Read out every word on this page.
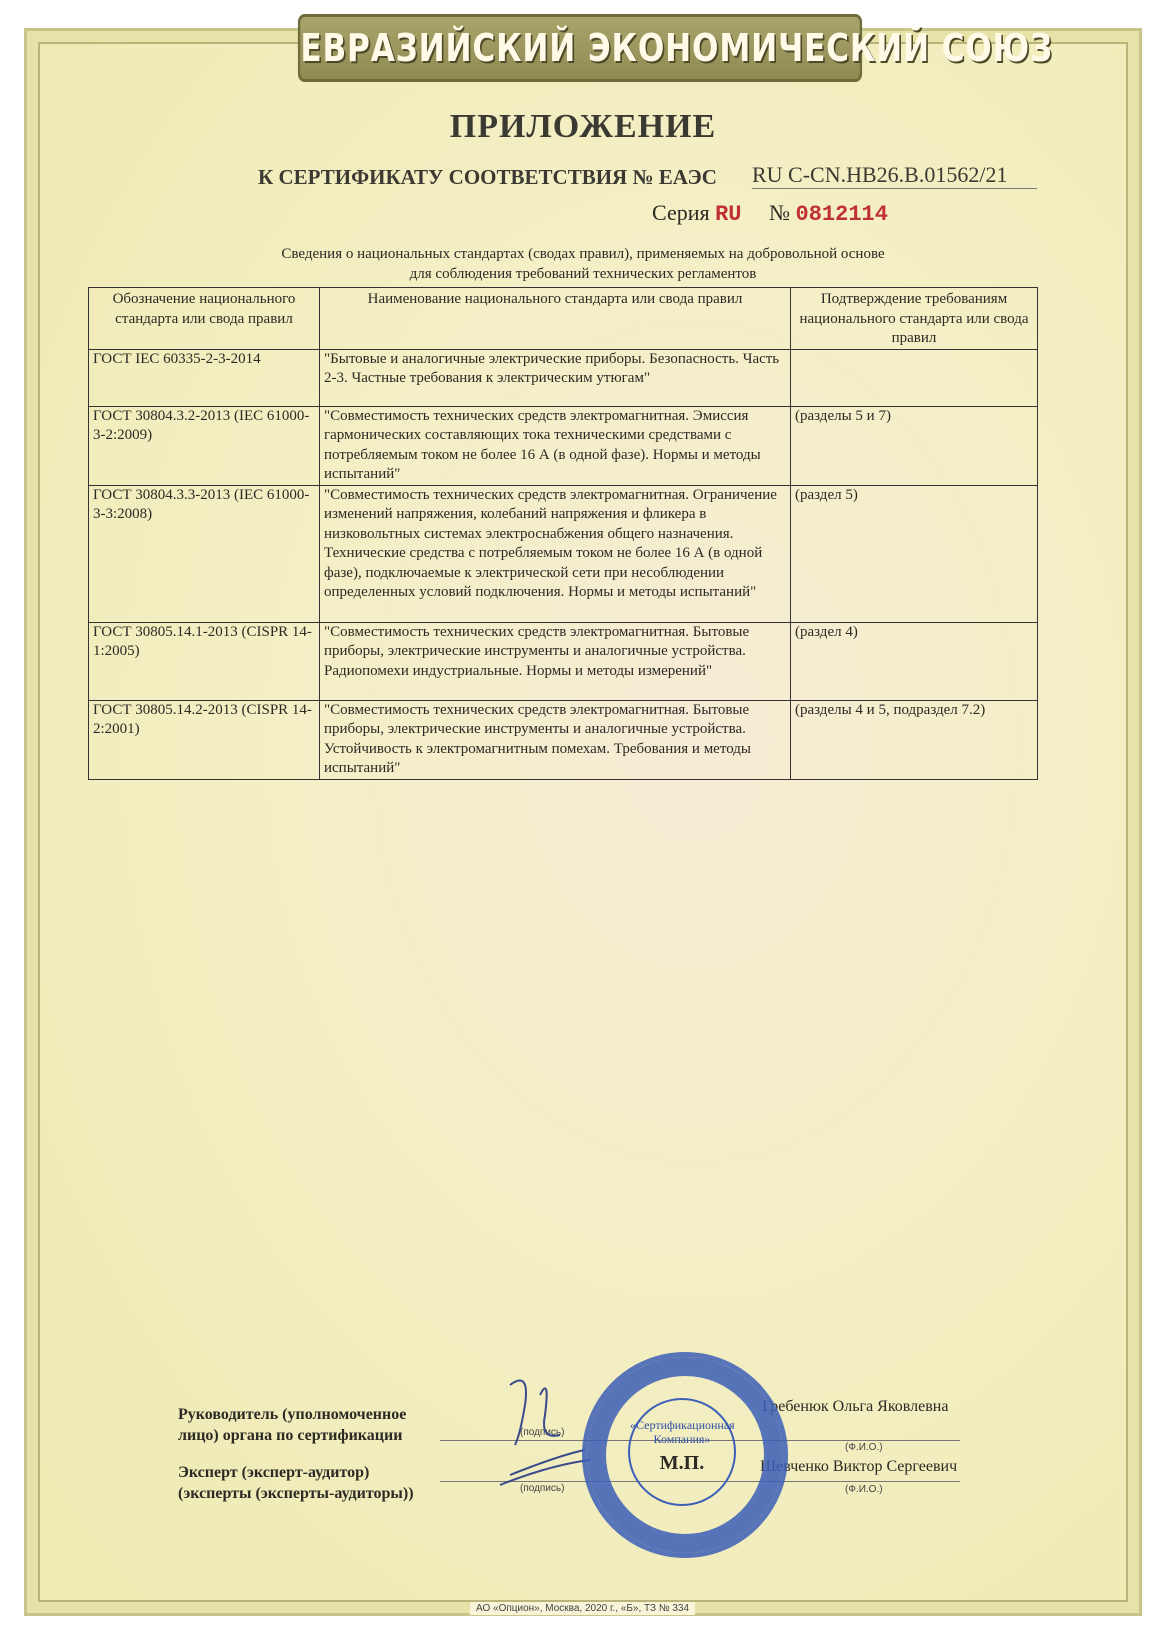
ЕВРАЗИЙСКИЙ ЭКОНОМИЧЕСКИЙ СОЮЗ
ПРИЛОЖЕНИЕ
К СЕРТИФИКАТУ СООТВЕТСТВИЯ № ЕАЭС RU C-CN.HB26.B.01562/21
Серия RU № 0812114
Сведения о национальных стандартах (сводах правил), применяемых на добровольной основе
для соблюдения требований технических регламентов
Обозначение национального стандарта или свода правил	Наименование национального стандарта или свода правил	Подтверждение требованиям национального стандарта или свода правил
ГОСТ IEC 60335-2-3-2014	"Бытовые и аналогичные электрические приборы. Безопасность. Часть 2-3. Частные требования к электрическим утюгам"	
ГОСТ 30804.3.2-2013 (IEC 61000-3-2:2009)	"Совместимость технических средств электромагнитная. Эмиссия гармонических составляющих тока техническими средствами с потребляемым током не более 16 А (в одной фазе). Нормы и методы испытаний"	(разделы 5 и 7)
ГОСТ 30804.3.3-2013 (IEC 61000-3-3:2008)	"Совместимость технических средств электромагнитная. Ограничение изменений напряжения, колебаний напряжения и фликера в низковольтных системах электроснабжения общего назначения. Технические средства с потребляемым током не более 16 А (в одной фазе), подключаемые к электрической сети при несоблюдении определенных условий подключения. Нормы и методы испытаний"	(раздел 5)
ГОСТ 30805.14.1-2013 (CISPR 14-1:2005)	"Совместимость технических средств электромагнитная. Бытовые приборы, электрические инструменты и аналогичные устройства. Радиопомехи индустриальные. Нормы и методы измерений"	(раздел 4)
ГОСТ 30805.14.2-2013 (CISPR 14-2:2001)	"Совместимость технических средств электромагнитная. Бытовые приборы, электрические инструменты и аналогичные устройства. Устойчивость к электромагнитным помехам. Требования и методы испытаний"	(разделы 4 и 5, подраздел 7.2)
Руководитель (уполномоченное лицо) органа по сертификации
Эксперт (эксперт-аудитор) (эксперты (эксперты-аудиторы))
(подпись)
(подпись)
(Ф.И.О.)
(Ф.И.О.)
Гребенюк Ольга Яковлевна
Шевченко Виктор Сергеевич
«Сертификационная Компания»
М.П.
АО «Опцион», Москва, 2020 г., «Б», ТЗ № 334
